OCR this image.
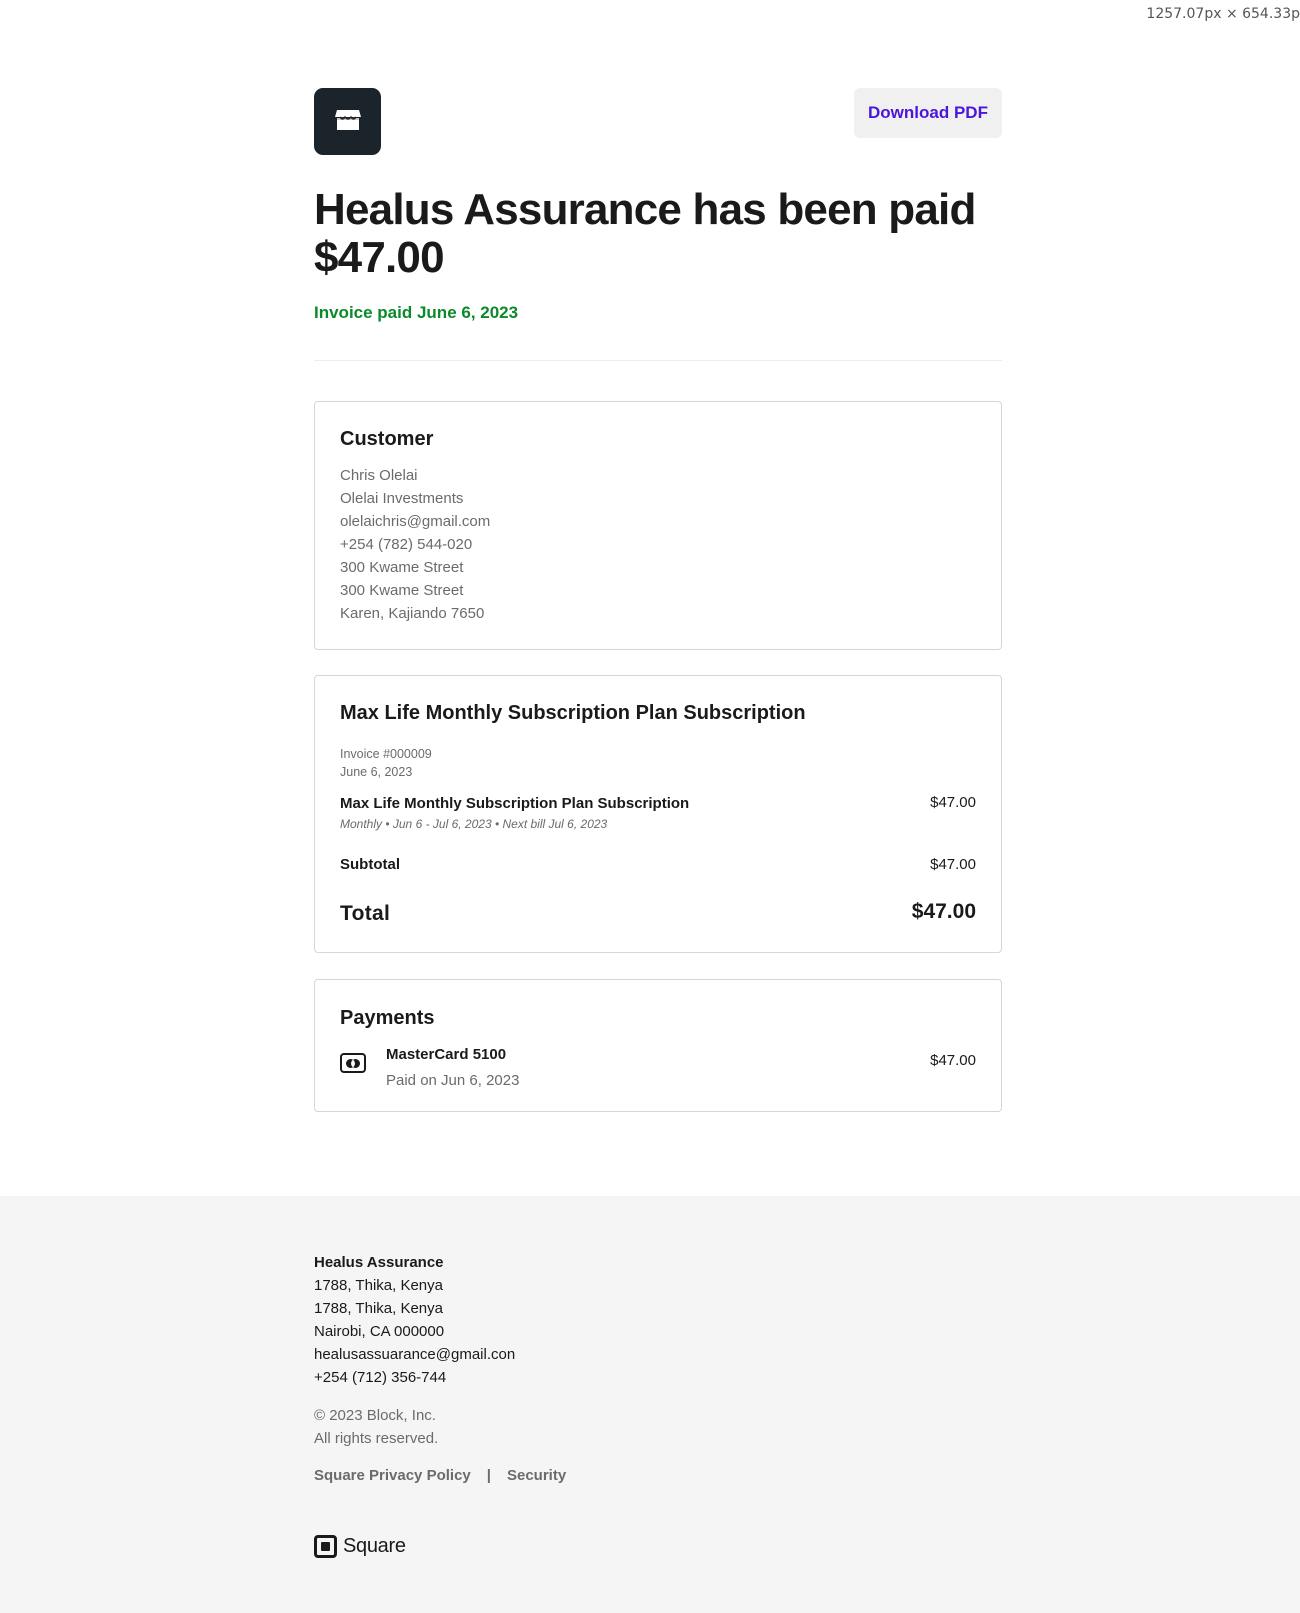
1257.07px × 654.33p
Download PDF
Healus Assurance has been paid $47.00
Invoice paid June 6, 2023
Customer
Chris Olelai
Olelai Investments
olelaichris@gmail.com
+254 (782) 544-020
300 Kwame Street
300 Kwame Street
Karen, Kajiando 7650
Max Life Monthly Subscription Plan Subscription
Invoice #000009
June 6, 2023
Max Life Monthly Subscription Plan Subscription	$47.00
Monthly • Jun 6 - Jul 6, 2023 • Next bill Jul 6, 2023
Subtotal	$47.00
Total	$47.00
Payments
MasterCard 5100
Paid on Jun 6, 2023
$47.00
Healus Assurance
1788, Thika, Kenya
1788, Thika, Kenya
Nairobi, CA 000000
healusassuarance@gmail.con
+254 (712) 356-744
© 2023 Block, Inc.
All rights reserved.
Square Privacy Policy | Security
Square
